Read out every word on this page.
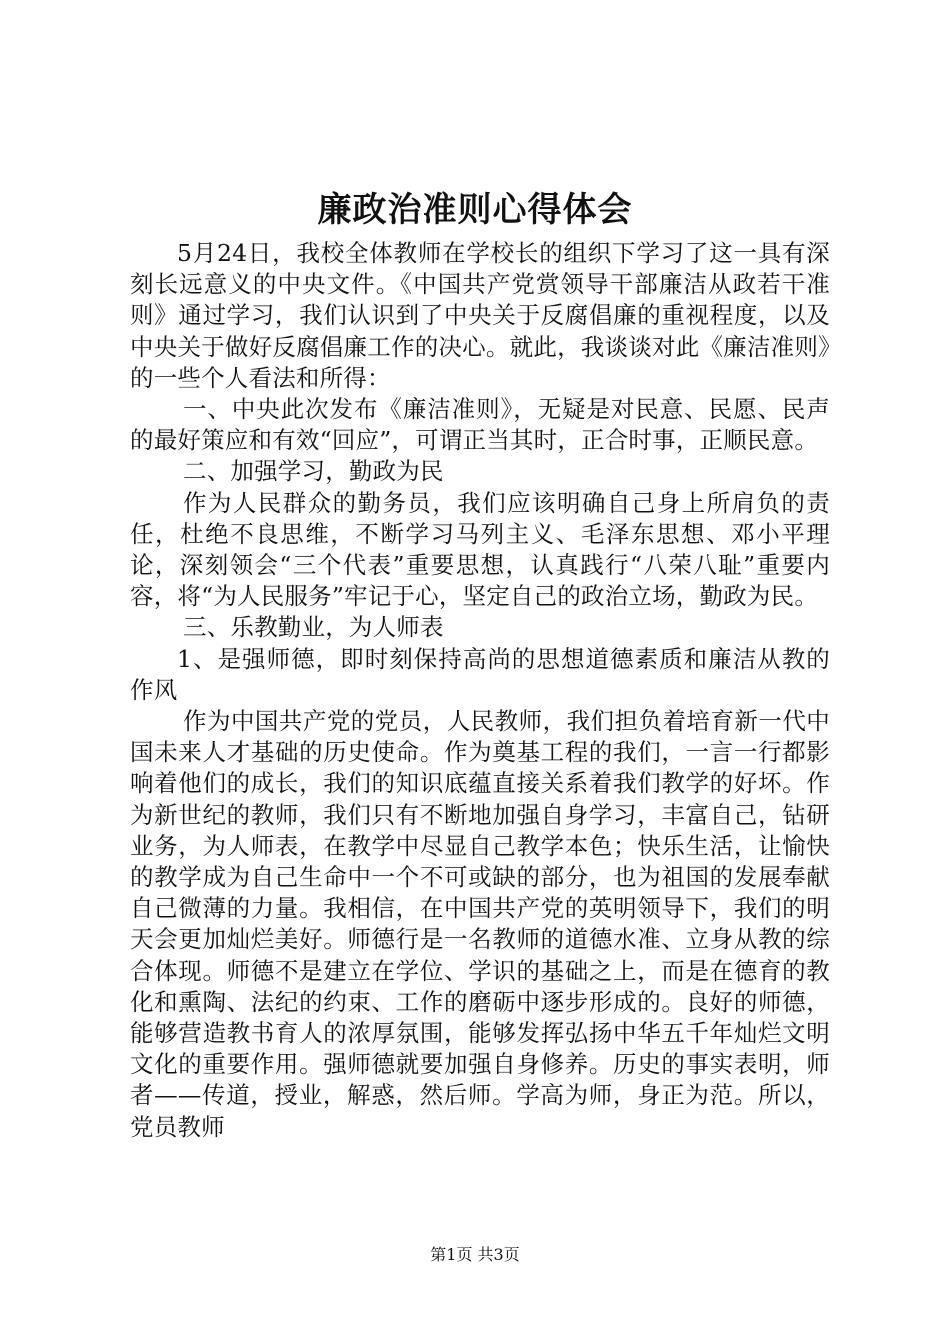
廉政治准则心得体会

5月24日，我校全体教师在学校长的组织下学习了这一具有深刻长远意义的中央文件。《中国共产党赏领导干部廉洁从政若干准则》通过学习，我们认识到了中央关于反腐倡廉的重视程度，以及中央关于做好反腐倡廉工作的决心。就此，我谈谈对此《廉洁准则》的一些个人看法和所得：

一、中央此次发布《廉洁准则》，无疑是对民意、民愿、民声的最好策应和有效“回应”，可谓正当其时，正合时事，正顺民意。

二、加强学习，勤政为民

作为人民群众的勤务员，我们应该明确自己身上所肩负的责任，杜绝不良思维，不断学习马列主义、毛泽东思想、邓小平理论，深刻领会“三个代表”重要思想，认真践行“八荣八耻”重要内容，将“为人民服务”牢记于心，坚定自己的政治立场，勤政为民。

三、乐教勤业，为人师表

1、是强师德，即时刻保持高尚的思想道德素质和廉洁从教的作风

作为中国共产党的党员，人民教师，我们担负着培育新一代中国未来人才基础的历史使命。作为奠基工程的我们，一言一行都影响着他们的成长，我们的知识底蕴直接关系着我们教学的好坏。作为新世纪的教师，我们只有不断地加强自身学习，丰富自己，钻研业务，为人师表，在教学中尽显自己教学本色；快乐生活，让愉快的教学成为自己生命中一个不可或缺的部分，也为祖国的发展奉献自己微薄的力量。我相信，在中国共产党的英明领导下，我们的明天会更加灿烂美好。师德行是一名教师的道德水准、立身从教的综合体现。师德不是建立在学位、学识的基础之上，而是在德育的教化和熏陶、法纪的约束、工作的磨砺中逐步形成的。良好的师德，能够营造教书育人的浓厚氛围，能够发挥弘扬中华五千年灿烂文明文化的重要作用。强师德就要加强自身修养。历史的事实表明，师者——传道，授业，解惑，然后师。学高为师，身正为范。所以，党员教师

第1页 共3页
